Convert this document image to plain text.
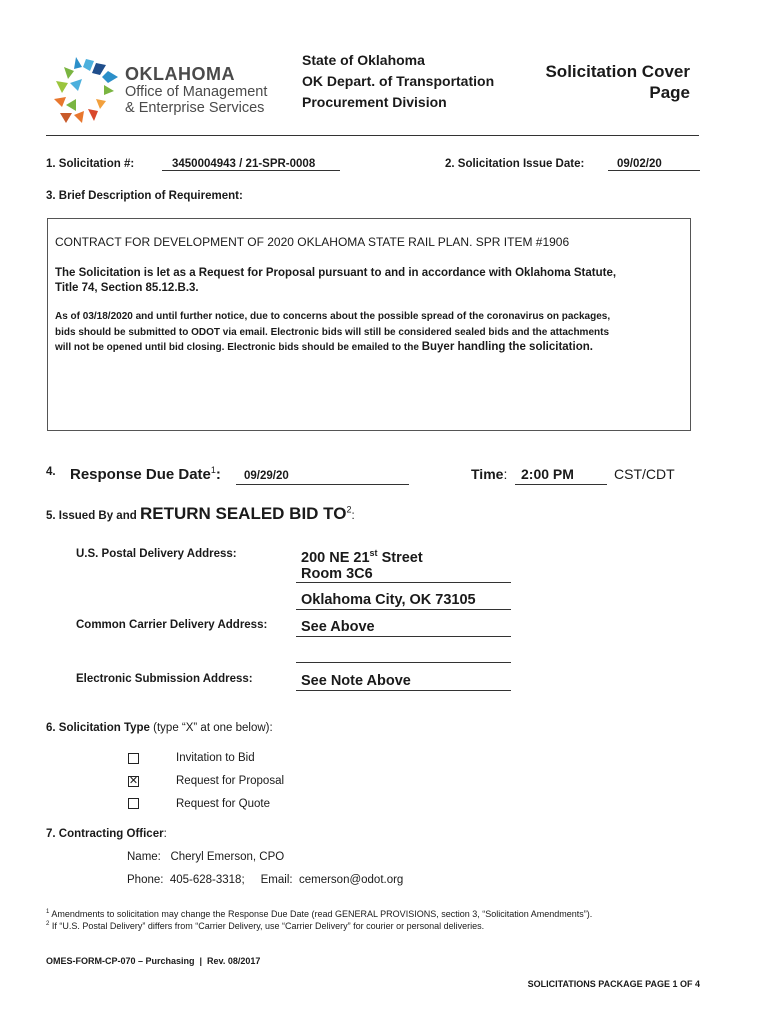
OKLAHOMA
Office of Management
& Enterprise Services
State of Oklahoma
OK Depart. of Transportation
Procurement Division
Solicitation Cover
Page
1. Solicitation #:	3450004943 / 21-SPR-0008	2. Solicitation Issue Date:	09/02/20
3. Brief Description of Requirement:
CONTRACT FOR DEVELOPMENT OF 2020 OKLAHOMA STATE RAIL PLAN. SPR ITEM #1906
The Solicitation is let as a Request for Proposal pursuant to and in accordance with Oklahoma Statute,
Title 74, Section 85.12.B.3.
As of 03/18/2020 and until further notice, due to concerns about the possible spread of the coronavirus on packages,
bids should be submitted to ODOT via email. Electronic bids will still be considered sealed bids and the attachments
will not be opened until bid closing. Electronic bids should be emailed to the Buyer handling the solicitation.
4. Response Due Date$^1$:	09/29/20	Time: 2:00 PM	CST/CDT
5. Issued By and RETURN SEALED BID $TO^2$:
U.S. Postal Delivery Address:	200 NE 21st Street
Room 3C6
Oklahoma City, OK 73105
Common Carrier Delivery Address: See Above
Electronic Submission Address:	See Note Above
6. Solicitation Type (type “X” at one below):
Invitation to Bid
✕	Request for Proposal
Request for Quote
7. Contracting Officer:
Name:   Cheryl Emerson, CPO
Phone:  405-628-3318;     Email:  cemerson@odot.org
$^1$ Amendments to solicitation may change the Response Due Date (read GENERAL PROVISIONS, section 3, “Solicitation Amendments”).
$^2$ If “U.S. Postal Delivery” differs from “Carrier Delivery, use “Carrier Delivery” for courier or personal deliveries.
OMES-FORM-CP-070 – Purchasing  |  Rev. 08/2017
SOLICITATIONS PACKAGE PAGE 1 OF 4
